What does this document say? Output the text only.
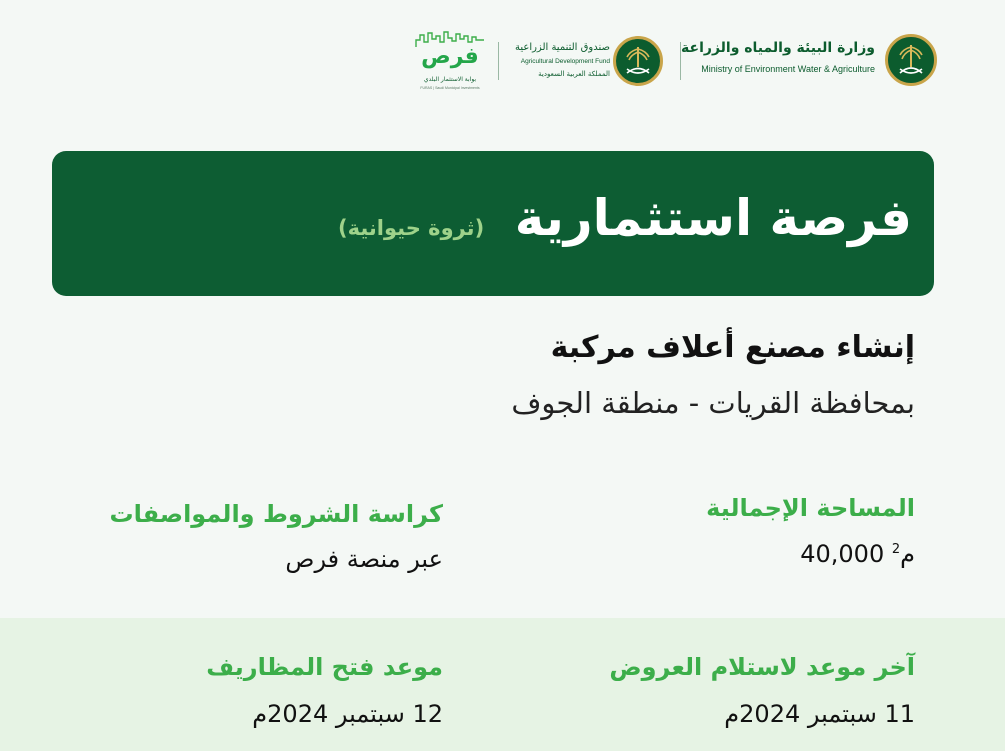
وزارة البيئة والمياه والزراعة
Ministry of Environment Water & Agriculture
صندوق التنمية الزراعية
Agricultural Development Fund
المملكة العربية السعودية
فرص
بوابة الاستثمار البلدي
FURAS | Saudi Municipal Investments
فرصة استثمارية
(ثروة حيوانية)
إنشاء مصنع أعلاف مركبة
بمحافظة القريات - منطقة الجوف
المساحة الإجمالية
م$^2$ 40,000
كراسة الشروط والمواصفات
عبر منصة فرص
آخر موعد لاستلام العروض
11 سبتمبر 2024م
موعد فتح المظاريف
12 سبتمبر 2024م
